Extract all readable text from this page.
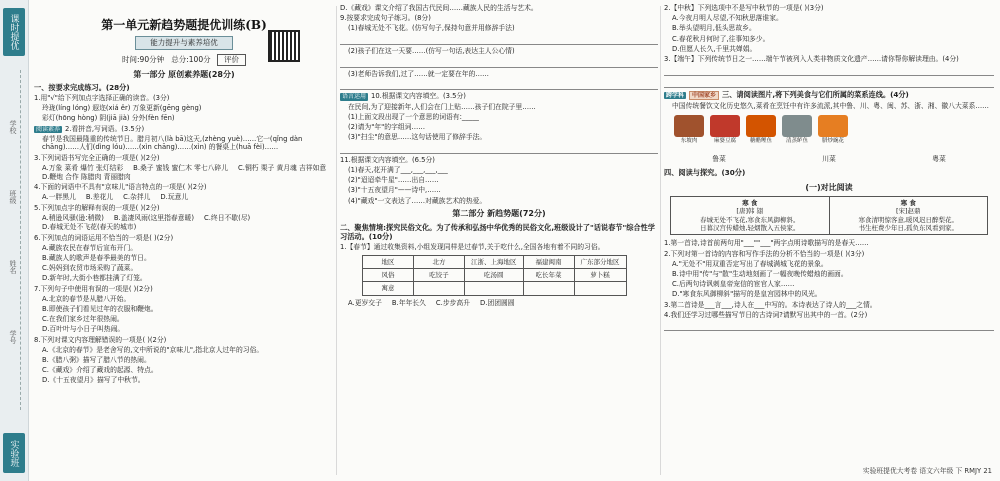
课时提优
学校
班级
姓名
学号
实验班
第一单元新趋势题提优训练(B)
能力提升与素养培优
时间:90分钟 总分:100分 评价
第一部分 原创素养题(28分)

一、按要求完成练习。(28分)

1.用"√"给下列加点字选择正确的读音。(3分)

玲珑(líng lóng) 遐迩(xiá ěr) 万象更新(gēng gèng)

彩灯(hōng hòng) 阴(jiā jià) 分外(fèn fēn)

阅读素养 2.看拼音,写词语。(3.5分)

春节是我国最隆重的传统节日。腊月初八(là bā)这天,(zhèng yuè)……它一(qǐng dàn chāng)……人们(dìng lóu)……(xìn chāng)……(xìn) 的餐桌上(huā fèi)……

3.下列词语书写完全正确的一项是( )(2分)

A.万象 菜肴 爆竹 张灯结彩 B.桑子 蜜钱 蜜仁木 零七八碎儿 C.铜朽 栗子 黄月魂 吉祥如意
D.鞭炮 合作 陈腊肉 青丽腊肉

4.下面的词语中不具有"京味儿"语言特点的一项是( )(2分)

A.一胖黑儿 B.差花儿 C.杂拌儿 D.玩意儿

5.下列加点字的解释有误的一项是( )(2分)

A.稍逊风骚(逊:稍微) B.盖凄风雨(这里指春意暖) C.终日不歇(尽)
D.春城无处不飞花(春天的城市)

6.下列加点的词语运用不恰当的一项是( )(2分)

A.藏族农民在春节后宣布开门。

B.藏族人的歌声是春季最美的节日。

C.妈妈到农贸市场采购了蔬菜。

D.新年时,大街小巷都挂满了灯笼。

7.下列句子中使用有误的一项是( )(2分)

A.北京的春节是从腊八开始。

B.即使孩子们看见过年的衣服和鞭炮。

C.在我们家乡过年很热闹。

D.百叶叶与小日子叫热闹。

8.下列对课文内容理解错误的一项是( )(2分)

A.《北京的春节》是老舍写的,文中所说的"京味儿",指北京人过年的习俗。

B.《腊八粥》描写了腊八节的热闹。

C.《藏戏》介绍了藏戏的起源、特点。

D.《十五夜望月》描写了中秋节。

D.《藏戏》课文介绍了我国古代民间……藏族人民的生活与艺术。

9.按要求完成句子练习。(8分)

(1)春城无处不飞花。(仿写句子,保持句意并用修辞手法)

(2)孩子们在这一天要……(仿写一句话,表达主人公心情)

(3)老师告诉我们,过了……就一定要在年的……

语言运用 10.根据课文内容填空。(3.5分)

在民间,为了迎接新年,人们会在门上贴……孩子们在院子里……

(1)上面文段出现了一个意思的词语有:_____

(2)请为"年"的字组词……

(3)"扫尘"的意思……这句话使用了修辞手法。

11.根据课文内容填空。(6.5分)

(1)春天,花开满了___,___,___,___

(2)"迢迢牵牛星"……出自……

(3)"十五夜望月"——诗中,……

(4)"藏戏"一文表达了……对藏族艺术的热爱。

第二部分 新趋势题(72分)

二、聚焦情境:探究民俗文化。为了传承和弘扬中华优秀的民俗文化,班级设计了"话说春节"综合性学习活动。(10分)

1.【春节】通过收集资料,小组发现同样是过春节,关于吃什么,全国各地有着不同的习俗。

地区	北方	江浙、上海地区	福建闽南	广东部分地区
风俗	吃饺子	吃汤圆	吃长年菜	萝卜糕
寓意				
A.更岁交子 B.年年长久 C.步步高升 D.团团圆圆

2.【中秋】下列选项中不是写中秋节的一项是( )(3分)

A.今夜月明人尽望,不知秋思落谁家。

B.举头望明月,低头思故乡。

C.春花秋月何时了,往事知多少。

D.但愿人长久,千里共婵娟。

3.【端午】下列传统节日之一……端午节被列入人类非物质文化遗产……请你帮你解读理由。(4分)

跨学科 中国家乡 三、请阅读图片,将下列美食与它们所属的菜系连线。(4分)

中国传统餐饮文化历史悠久,菜肴在烹饪中有许多流派,其中鲁、川、粤、闽、苏、浙、湘、徽八大菜系……

东坡肉	麻婆豆腐	糖醋鲤鱼	清蒸鲈鱼	腊炒豌花
鲁菜	川菜	粤菜

四、阅读与探究。(30分)

(一)对比阅读
寒 食
[唐]韩 翃
春城无处不飞花,寒食东风御柳斜。
日暮汉宫传蜡烛,轻烟散入五侯家。
寒 食
[宋]赵鼎
寒食清明惊客意,暖风迟日醉梨花。
书生枉费少年日,孤负东风看到家。

1.第一首诗,诗首前两句用"___""___"两字点明诗歌描写的是春天……

2.下列对第一首诗的内容和写作手法的分析不恰当的一项是( )(3分)

A."无处不"用双重否定写出了春城满城飞花的景象。

B.诗中用"传"与"散"生动地刻画了一幅夜晚传蜡烛的画面。

C.后两句诗讽刺皇帝宠信的宦官人家……

D."寒食东风御柳斜"描写的是皇宫园林中的风光。

3.第二首诗是___言___,诗人在___中写的。本诗表达了诗人的___之情。

4.我们还学习过哪些描写节日的古诗词?请默写出其中的一首。(2分)

实验班提优大考卷 语文六年级 下 RMJY 21
